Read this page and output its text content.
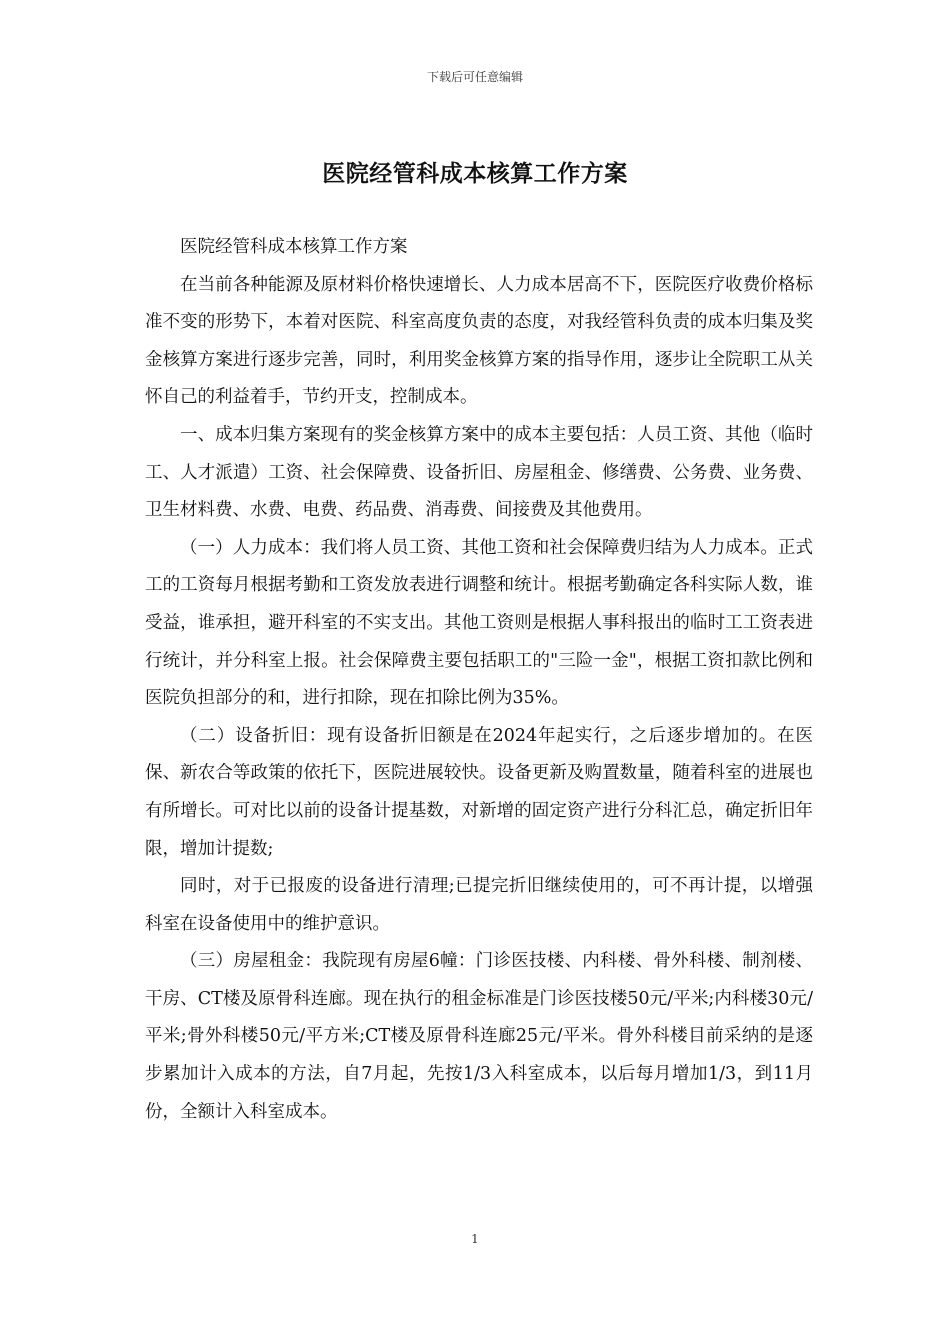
下载后可任意编辑
医院经管科成本核算工作方案

医院经管科成本核算工作方案

在当前各种能源及原材料价格快速增长、人力成本居高不下，医院医疗收费价格标准不变的形势下，本着对医院、科室高度负责的态度，对我经管科负责的成本归集及奖金核算方案进行逐步完善，同时，利用奖金核算方案的指导作用，逐步让全院职工从关怀自己的利益着手，节约开支，控制成本。

一、成本归集方案现有的奖金核算方案中的成本主要包括：人员工资、其他（临时工、人才派遣）工资、社会保障费、设备折旧、房屋租金、修缮费、公务费、业务费、卫生材料费、水费、电费、药品费、消毒费、间接费及其他费用。

（一）人力成本：我们将人员工资、其他工资和社会保障费归结为人力成本。正式工的工资每月根据考勤和工资发放表进行调整和统计。根据考勤确定各科实际人数，谁受益，谁承担，避开科室的不实支出。其他工资则是根据人事科报出的临时工工资表进行统计，并分科室上报。社会保障费主要包括职工的"三险一金"，根据工资扣款比例和医院负担部分的和，进行扣除，现在扣除比例为35%。

（二）设备折旧：现有设备折旧额是在2024年起实行，之后逐步增加的。在医保、新农合等政策的依托下，医院进展较快。设备更新及购置数量，随着科室的进展也有所增长。可对比以前的设备计提基数，对新增的固定资产进行分科汇总，确定折旧年限，增加计提数;

同时，对于已报废的设备进行清理;已提完折旧继续使用的，可不再计提，以增强科室在设备使用中的维护意识。

（三）房屋租金：我院现有房屋6幢：门诊医技楼、内科楼、骨外科楼、制剂楼、干房、CT楼及原骨科连廊。现在执行的租金标准是门诊医技楼50元/平米;内科楼30元/平米;骨外科楼50元/平方米;CT楼及原骨科连廊25元/平米。骨外科楼目前采纳的是逐步累加计入成本的方法，自7月起，先按1/3入科室成本，以后每月增加1/3，到11月份，全额计入科室成本。

1
